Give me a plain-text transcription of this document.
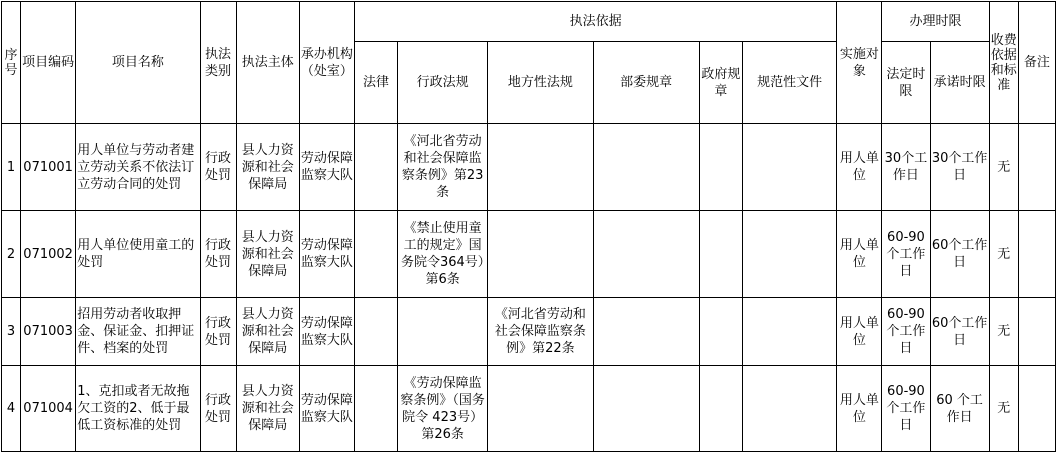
序号	项目编码	项目名称	执法类别	执法主体	承办机构（处室）	执法依据						实施对象	办理时限		收费依据和标准	备注
						法律	行政法规	地方性法规	部委规章	政府规章	规范性文件		法定时限	承诺时限		
1	071001	用人单位与劳动者建立劳动关系不依法订立劳动合同的处罚	行政处罚	县人力资源和社会保障局	劳动保障监察大队		《河北省劳动和社会保障监察条例》第23条					用人单位	30个工作日	30个工作日	无	
2	071002	用人单位使用童工的处罚	行政处罚	县人力资源和社会保障局	劳动保障监察大队		《禁止使用童工的规定》国务院令364号）第6条					用人单位	60-90个工作日	60个工作日	无	
3	071003	招用劳动者收取押金、保证金、扣押证件、档案的处罚	行政处罚	县人力资源和社会保障局	劳动保障监察大队			《河北省劳动和社会保障监察条例》第22条				用人单位	60-90个工作日	60个工作日	无	
4	071004	1、克扣或者无故拖欠工资的2、低于最低工资标准的处罚	行政处罚	县人力资源和社会保障局	劳动保障监察大队		《劳动保障监察条例》（国务院令 423号）第26条					用人单位	60-90个工作日	60 个工作日	无	
